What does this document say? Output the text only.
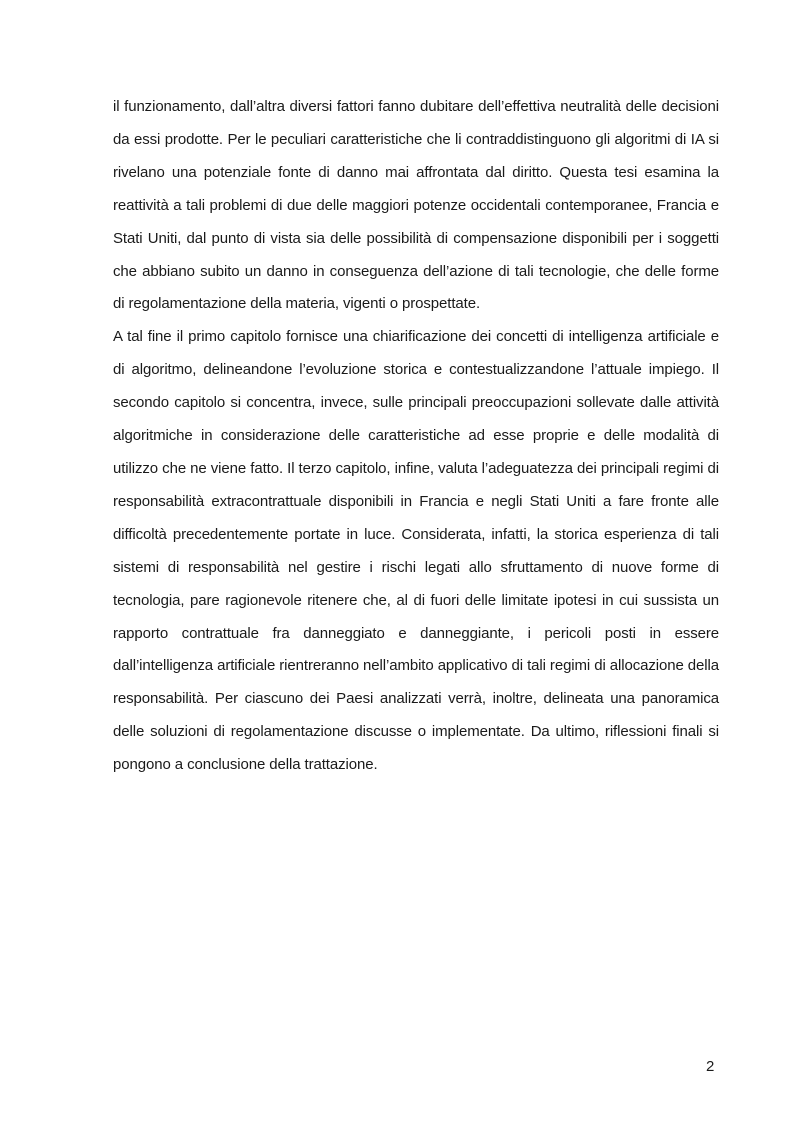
il funzionamento, dall’altra diversi fattori fanno dubitare dell’effettiva neutralità delle decisioni da essi prodotte. Per le peculiari caratteristiche che li contraddistinguono gli algoritmi di IA si rivelano una potenziale fonte di danno mai affrontata dal diritto. Questa tesi esamina la reattività a tali problemi di due delle maggiori potenze occidentali contemporanee, Francia e Stati Uniti, dal punto di vista sia delle possibilità di compensazione disponibili per i soggetti che abbiano subito un danno in conseguenza dell’azione di tali tecnologie, che delle forme di regolamentazione della materia, vigenti o prospettate.

A tal fine il primo capitolo fornisce una chiarificazione dei concetti di intelligenza artificiale e di algoritmo, delineandone l’evoluzione storica e contestualizzandone l’attuale impiego. Il secondo capitolo si concentra, invece, sulle principali preoccupazioni sollevate dalle attività algoritmiche in considerazione delle caratteristiche ad esse proprie e delle modalità di utilizzo che ne viene fatto. Il terzo capitolo, infine, valuta l’adeguatezza dei principali regimi di responsabilità extracontrattuale disponibili in Francia e negli Stati Uniti a fare fronte alle difficoltà precedentemente portate in luce. Considerata, infatti, la storica esperienza di tali sistemi di responsabilità nel gestire i rischi legati allo sfruttamento di nuove forme di tecnologia, pare ragionevole ritenere che, al di fuori delle limitate ipotesi in cui sussista un rapporto contrattuale fra danneggiato e danneggiante, i pericoli posti in essere dall’intelligenza artificiale rientreranno nell’ambito applicativo di tali regimi di allocazione della responsabilità. Per ciascuno dei Paesi analizzati verrà, inoltre, delineata una panoramica delle soluzioni di regolamentazione discusse o implementate. Da ultimo, riflessioni finali si pongono a conclusione della trattazione.

2
